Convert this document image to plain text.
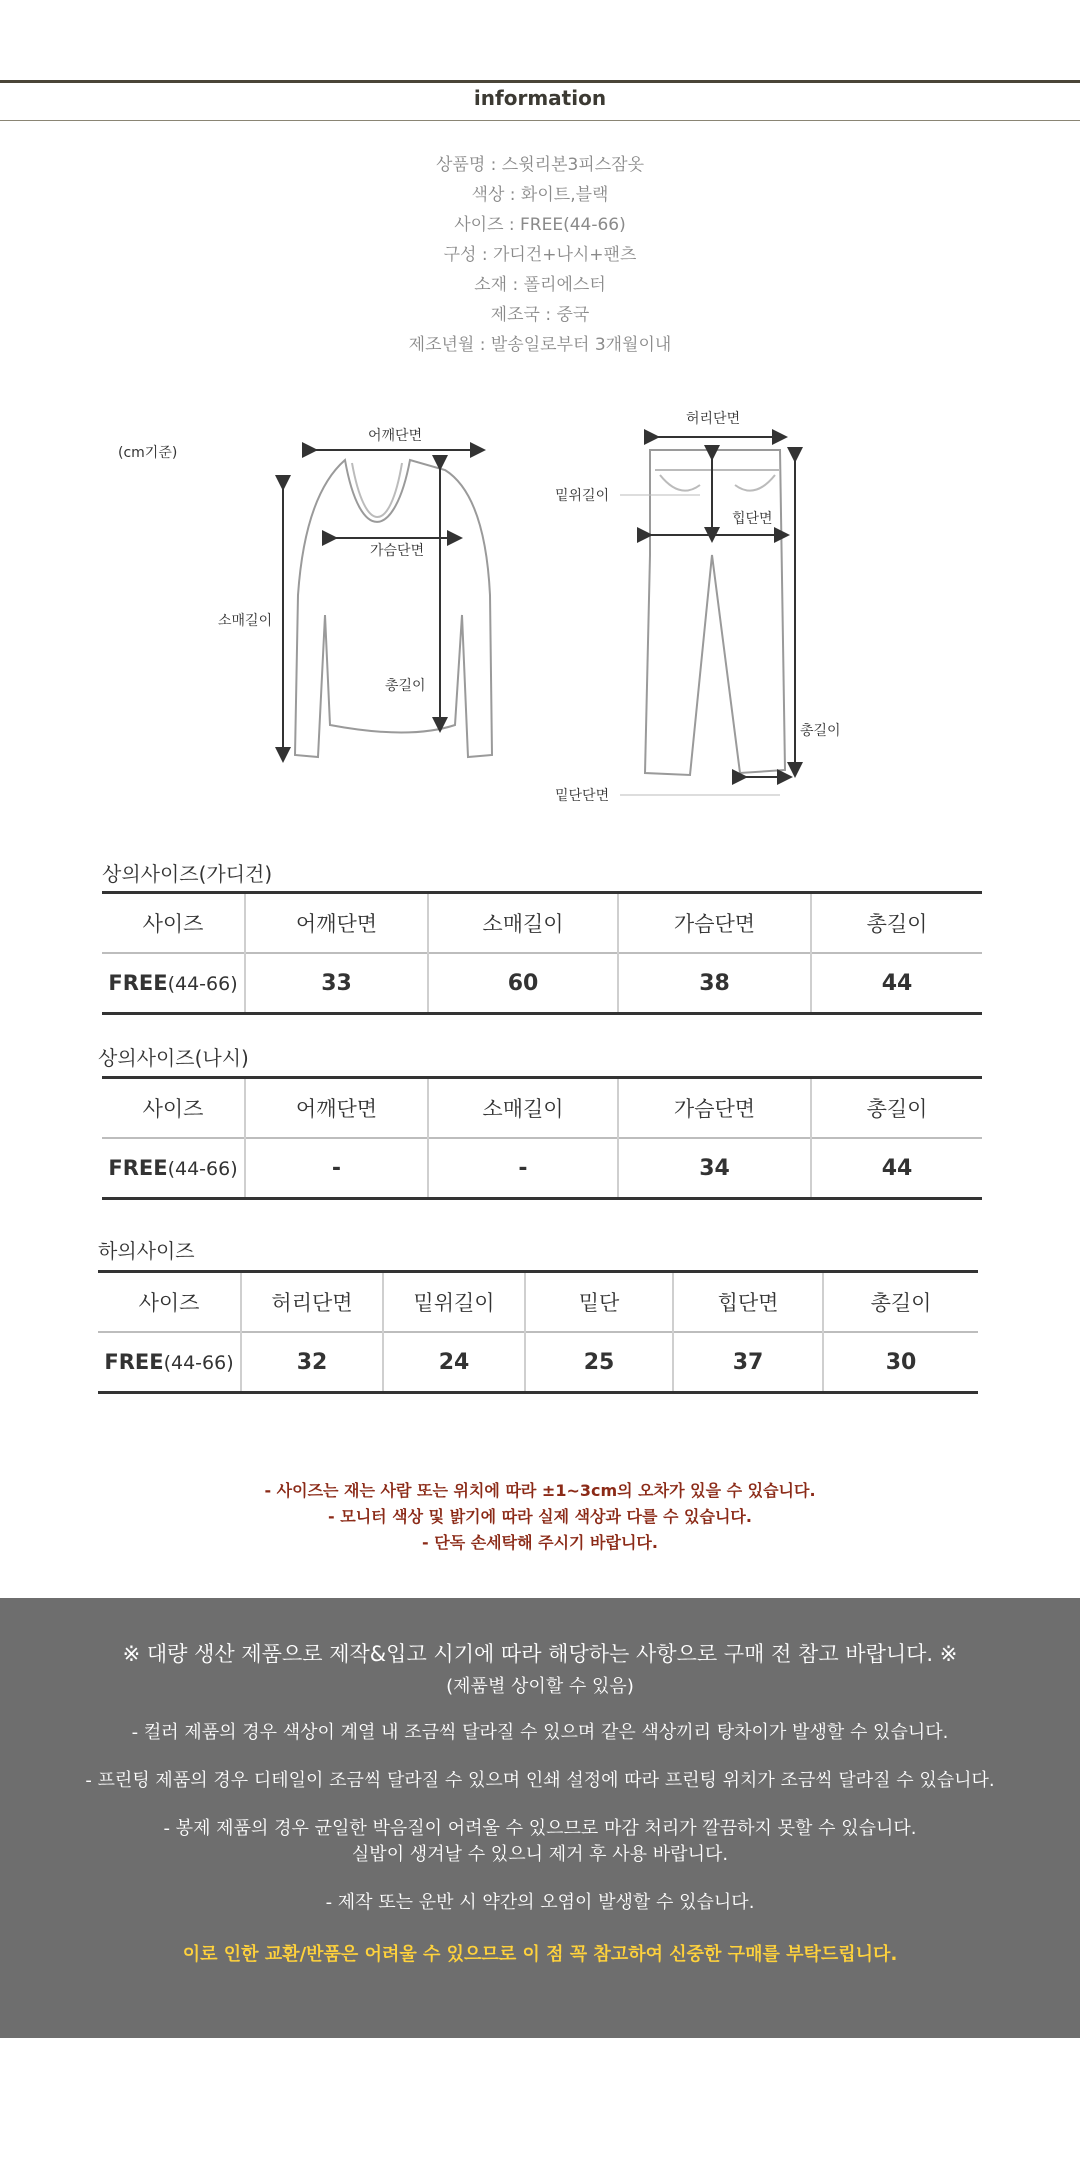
information
상품명 : 스윗리본3피스잠옷
색상 : 화이트,블랙
사이즈 : FREE(44-66)
구성 : 가디건+나시+팬츠
소재 : 폴리에스터
제조국 : 중국
제조년월 : 발송일로부터 3개월이내
(cm기준)
어깨단면
가슴단면
소매길이
총길이
허리단면
밑위길이
힙단면
총길이
밑단단면
상의사이즈(가디건)
사이즈	어깨단면	소매길이	가슴단면	총길이
FREE(44-66)	33	60	38	44
상의사이즈(나시)
사이즈	어깨단면	소매길이	가슴단면	총길이
FREE(44-66)	-	-	34	44
하의사이즈
사이즈	허리단면	밑위길이	밑단	힙단면	총길이
FREE(44-66)	32	24	25	37	30
- 사이즈는 재는 사람 또는 위치에 따라 ±1~3cm의 오차가 있을 수 있습니다.
- 모니터 색상 및 밝기에 따라 실제 색상과 다를 수 있습니다.
- 단독 손세탁해 주시기 바랍니다.
※ 대량 생산 제품으로 제작&입고 시기에 따라 해당하는 사항으로 구매 전 참고 바랍니다. ※
(제품별 상이할 수 있음)
- 컬러 제품의 경우 색상이 계열 내 조금씩 달라질 수 있으며 같은 색상끼리 탕차이가 발생할 수 있습니다.
- 프린팅 제품의 경우 디테일이 조금씩 달라질 수 있으며 인쇄 설정에 따라 프린팅 위치가 조금씩 달라질 수 있습니다.
- 봉제 제품의 경우 균일한 박음질이 어려울 수 있으므로 마감 처리가 깔끔하지 못할 수 있습니다.
실밥이 생겨날 수 있으니 제거 후 사용 바랍니다.
- 제작 또는 운반 시 약간의 오염이 발생할 수 있습니다.
이로 인한 교환/반품은 어려울 수 있으므로 이 점 꼭 참고하여 신중한 구매를 부탁드립니다.
